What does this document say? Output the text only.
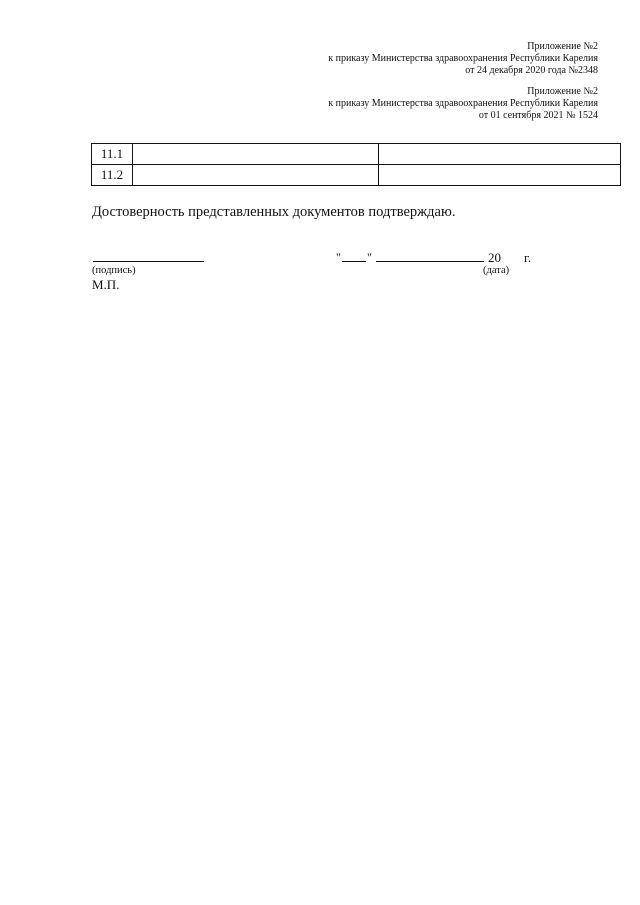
Приложение №2
к приказу Министерства здравоохранения Республики Карелия
от 24 декабря 2020 года №2348
Приложение №2
к приказу Министерства здравоохранения Республики Карелия
от 01 сентября 2021 № 1524
11.1		
11.2		
Достоверность представленных документов подтверждаю.
(подпись)
М.П.
" "	20 г.
(дата)
